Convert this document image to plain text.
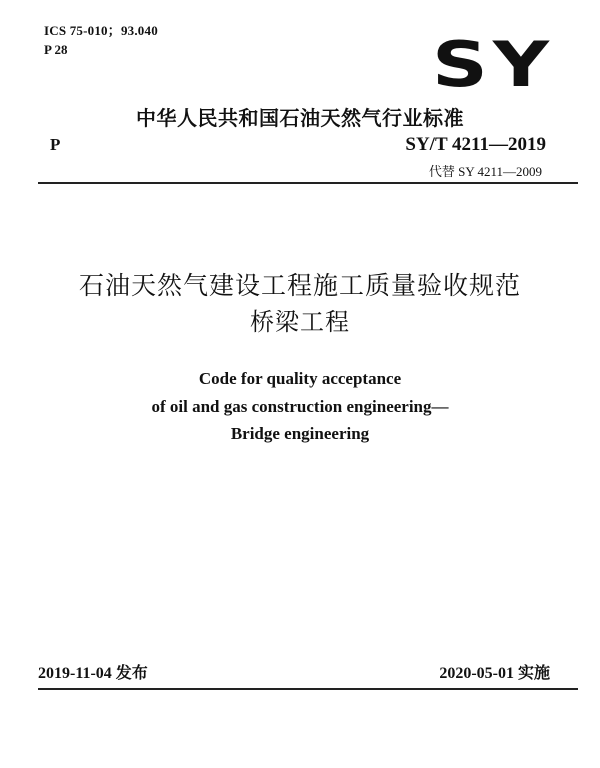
ICS 75-010；93.040
P 28	SY
中华人民共和国石油天然气行业标准
P	SY/T 4211—2019
代替 SY 4211—2009
石油天然气建设工程施工质量验收规范
桥梁工程
Code for quality acceptance
of oil and gas construction engineering—
Bridge engineering
2019-11-04 发布	2020-05-01 实施
